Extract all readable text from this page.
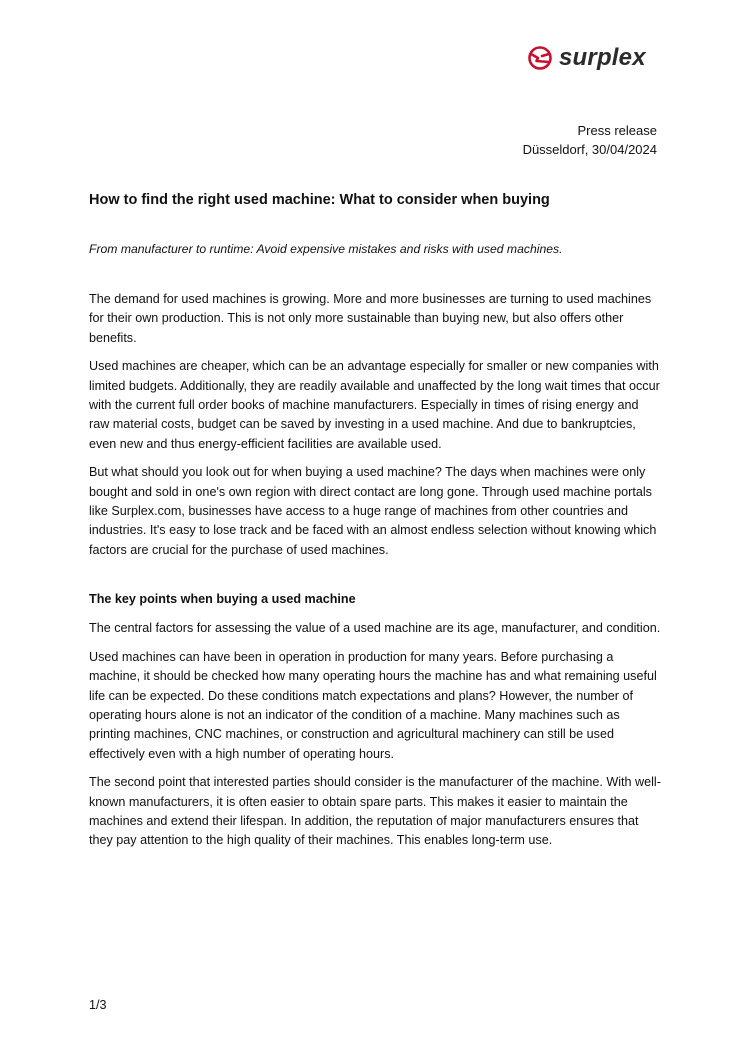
surplex
Press release
Düsseldorf, 30/04/2024
How to find the right used machine: What to consider when buying

From manufacturer to runtime: Avoid expensive mistakes and risks with used machines.

The demand for used machines is growing. More and more businesses are turning to used machines for their own production. This is not only more sustainable than buying new, but also offers other benefits.

Used machines are cheaper, which can be an advantage especially for smaller or new companies with limited budgets. Additionally, they are readily available and unaffected by the long wait times that occur with the current full order books of machine manufacturers. Especially in times of rising energy and raw material costs, budget can be saved by investing in a used machine. And due to bankruptcies, even new and thus energy-efficient facilities are available used.

But what should you look out for when buying a used machine? The days when machines were only bought and sold in one's own region with direct contact are long gone. Through used machine portals like Surplex.com, businesses have access to a huge range of machines from other countries and industries. It's easy to lose track and be faced with an almost endless selection without knowing which factors are crucial for the purchase of used machines.

The key points when buying a used machine

The central factors for assessing the value of a used machine are its age, manufacturer, and condition.

Used machines can have been in operation in production for many years. Before purchasing a machine, it should be checked how many operating hours the machine has and what remaining useful life can be expected. Do these conditions match expectations and plans? However, the number of operating hours alone is not an indicator of the condition of a machine. Many machines such as printing machines, CNC machines, or construction and agricultural machinery can still be used effectively even with a high number of operating hours.

The second point that interested parties should consider is the manufacturer of the machine. With well-known manufacturers, it is often easier to obtain spare parts. This makes it easier to maintain the machines and extend their lifespan. In addition, the reputation of major manufacturers ensures that they pay attention to the high quality of their machines. This enables long-term use.

1/3
